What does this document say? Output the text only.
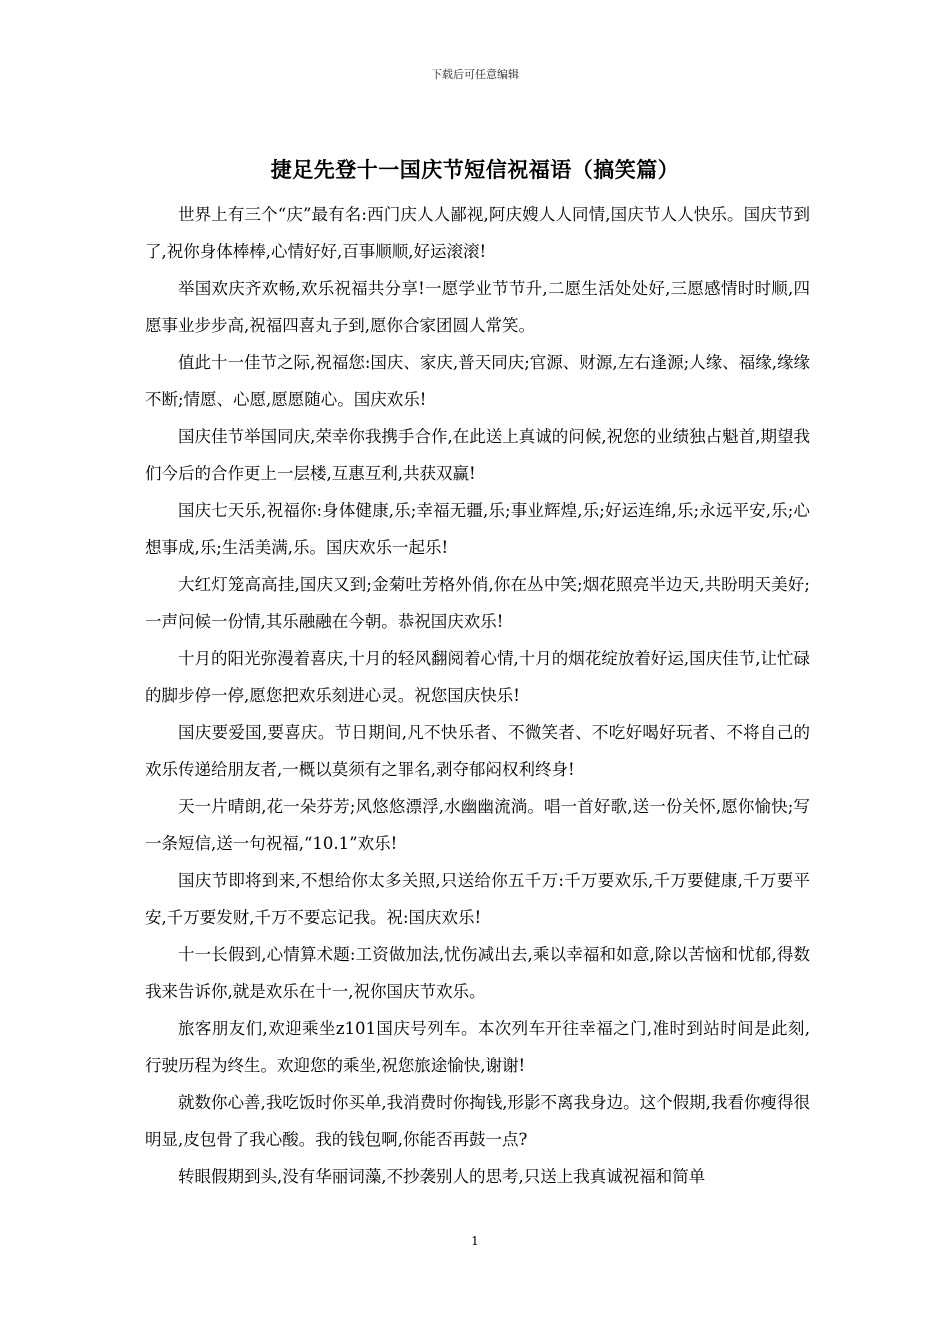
下载后可任意编辑
捷足先登十一国庆节短信祝福语（搞笑篇）

世界上有三个“庆”最有名:西门庆人人鄙视,阿庆嫂人人同情,国庆节人人快乐。国庆节到了,祝你身体棒棒,心情好好,百事顺顺,好运滚滚!

举国欢庆齐欢畅,欢乐祝福共分享!一愿学业节节升,二愿生活处处好,三愿感情时时顺,四愿事业步步高,祝福四喜丸子到,愿你合家团圆人常笑。

值此十一佳节之际,祝福您:国庆、家庆,普天同庆;官源、财源,左右逢源;人缘、福缘,缘缘不断;情愿、心愿,愿愿随心。国庆欢乐!

国庆佳节举国同庆,荣幸你我携手合作,在此送上真诚的问候,祝您的业绩独占魁首,期望我们今后的合作更上一层楼,互惠互利,共获双赢!

国庆七天乐,祝福你:身体健康,乐;幸福无疆,乐;事业辉煌,乐;好运连绵,乐;永远平安,乐;心想事成,乐;生活美满,乐。国庆欢乐一起乐!

大红灯笼高高挂,国庆又到;金菊吐芳格外俏,你在丛中笑;烟花照亮半边天,共盼明天美好;一声问候一份情,其乐融融在今朝。恭祝国庆欢乐!

十月的阳光弥漫着喜庆,十月的轻风翻阅着心情,十月的烟花绽放着好运,国庆佳节,让忙碌的脚步停一停,愿您把欢乐刻进心灵。祝您国庆快乐!

国庆要爱国,要喜庆。节日期间,凡不快乐者、不微笑者、不吃好喝好玩者、不将自己的欢乐传递给朋友者,一概以莫须有之罪名,剥夺郁闷权利终身!

天一片晴朗,花一朵芬芳;风悠悠漂浮,水幽幽流淌。唱一首好歌,送一份关怀,愿你愉快;写一条短信,送一句祝福,“10.1”欢乐!

国庆节即将到来,不想给你太多关照,只送给你五千万:千万要欢乐,千万要健康,千万要平安,千万要发财,千万不要忘记我。祝:国庆欢乐!

十一长假到,心情算术题:工资做加法,忧伤减出去,乘以幸福和如意,除以苦恼和忧郁,得数我来告诉你,就是欢乐在十一,祝你国庆节欢乐。

旅客朋友们,欢迎乘坐z101国庆号列车。本次列车开往幸福之门,准时到站时间是此刻,行驶历程为终生。欢迎您的乘坐,祝您旅途愉快,谢谢!

就数你心善,我吃饭时你买单,我消费时你掏钱,形影不离我身边。这个假期,我看你瘦得很明显,皮包骨了我心酸。我的钱包啊,你能否再鼓一点?

转眼假期到头,没有华丽词藻,不抄袭别人的思考,只送上我真诚祝福和简单

1
